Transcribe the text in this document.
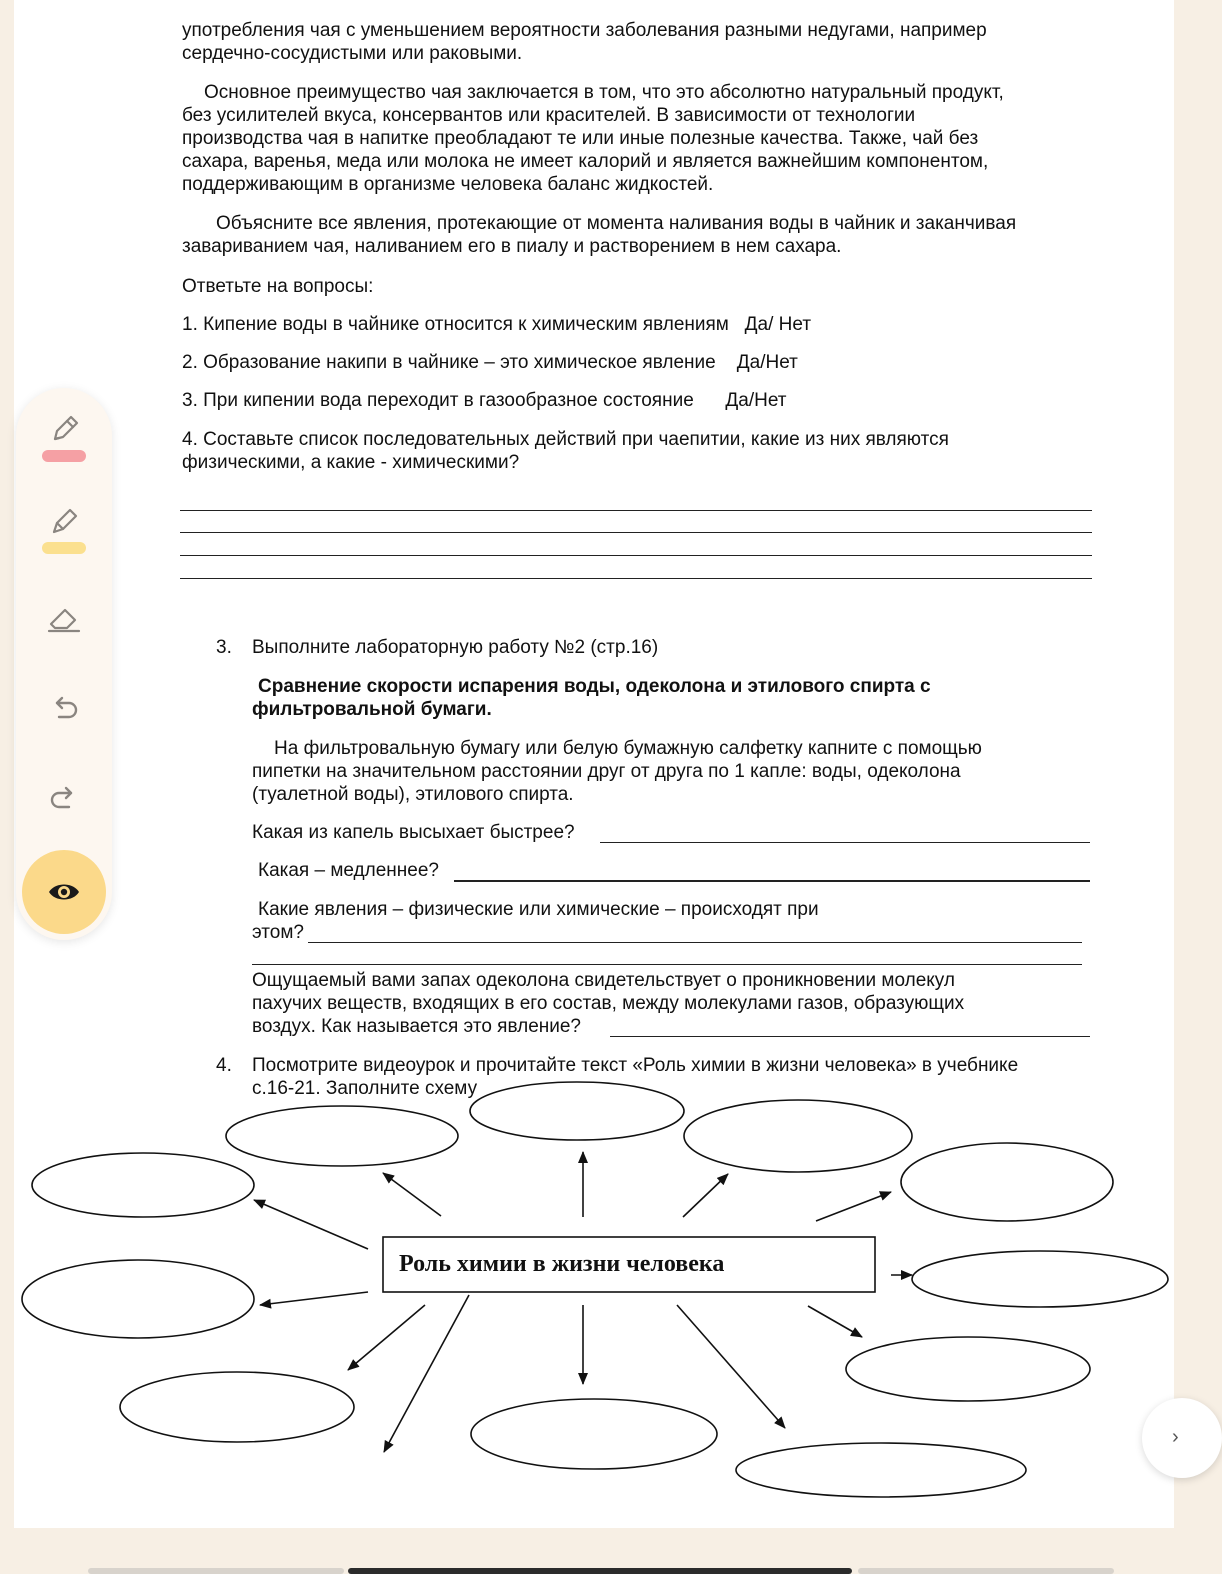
употребления чая с уменьшением вероятности заболевания разными недугами, например
сердечно-сосудистыми или раковыми.
Основное преимущество чая заключается в том, что это абсолютно натуральный продукт,
без усилителей вкуса, консервантов или красителей. В зависимости от технологии
производства чая в напитке преобладают те или иные полезные качества. Также, чай без
сахара, варенья, меда или молока не имеет калорий и является важнейшим компонентом,
поддерживающим в организме человека баланс жидкостей.
Объясните все явления, протекающие от момента наливания воды в чайник и заканчивая
завариванием чая, наливанием его в пиалу и растворением в нем сахара.
Ответьте на вопросы:
1. Кипение воды в чайнике относится к химическим явлениям   Да/ Нет
2. Образование накипи в чайнике – это химическое явление    Да/Нет
3. При кипении вода переходит в газообразное состояние      Да/Нет
4. Составьте список последовательных действий при чаепитии, какие из них являются
физическими, а какие - химическими?
3. Выполните лабораторную работу №2 (стр.16)
Сравнение скорости испарения воды, одеколона и этилового спирта с
фильтровальной бумаги.
На фильтровальную бумагу или белую бумажную салфетку капните с помощью
пипетки на значительном расстоянии друг от друга по 1 капле: воды, одеколона
(туалетной воды), этилового спирта.
Какая из капель высыхает быстрее?
Какая – медленнее?
Какие явления – физические или химические – происходят при
этом?
Ощущаемый вами запах одеколона свидетельствует о проникновении молекул
пахучих веществ, входящих в его состав, между молекулами газов, образующих
воздух. Как называется это явление?
4. Посмотрите видеоурок и прочитайте текст «Роль химии в жизни человека» в учебнике
с.16-21. Заполните схему
Роль химии в жизни человека
›
